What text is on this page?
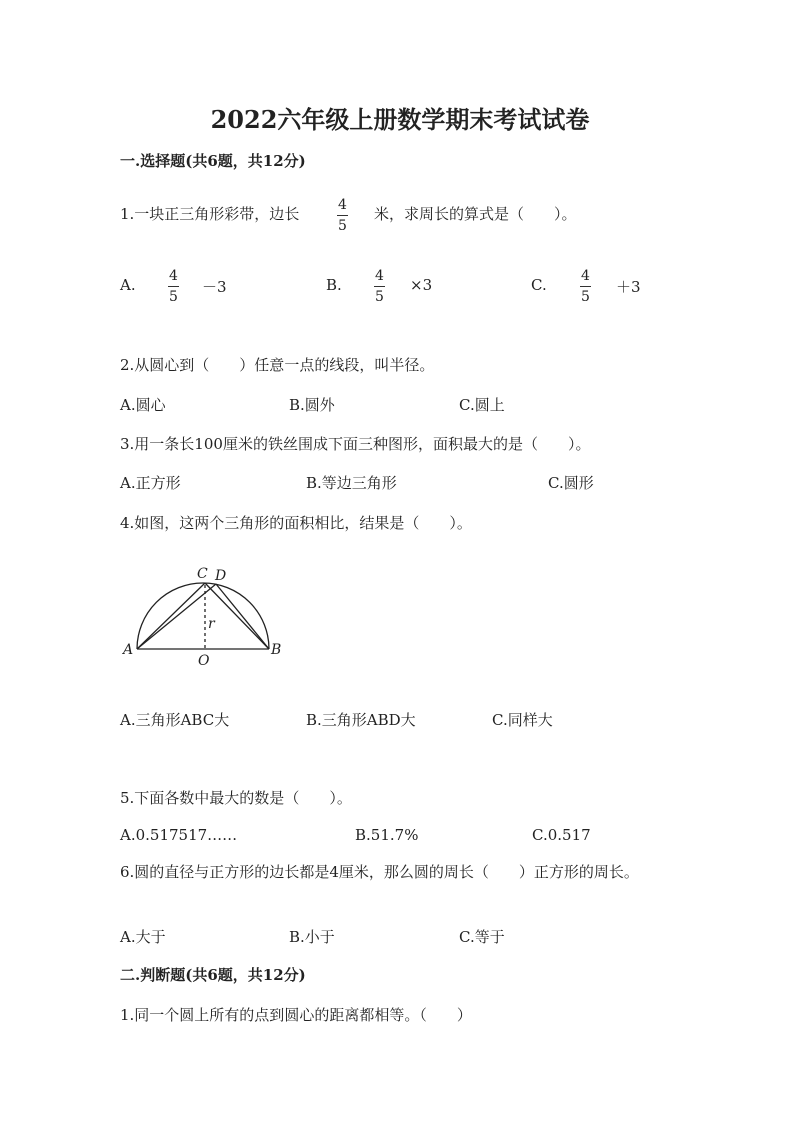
2022六年级上册数学期末考试试卷
一.选择题(共6题，共12分)
1.一块正三角形彩带，边长	4
5
米，求周长的算式是（　　）。
A. 4
5
－3	B. 4
5
×3	C. 4
5
＋3
2.从圆心到（　　）任意一点的线段，叫半径。
A.圆心	B.圆外	C.圆上
3.用一条长100厘米的铁丝围成下面三种图形，面积最大的是（　　）。
A.正方形	B.等边三角形	C.圆形
4.如图，这两个三角形的面积相比，结果是（　　）。
A	B
C D
O
r
A.三角形ABC大	B.三角形ABD大	C.同样大
5.下面各数中最大的数是（　　）。
A.0.517517……	B.51.7%	C.0.517
6.圆的直径与正方形的边长都是4厘米，那么圆的周长（　　）正方形的周长。
A.大于	B.小于	C.等于
二.判断题(共6题，共12分)
1.同一个圆上所有的点到圆心的距离都相等。（　　）
